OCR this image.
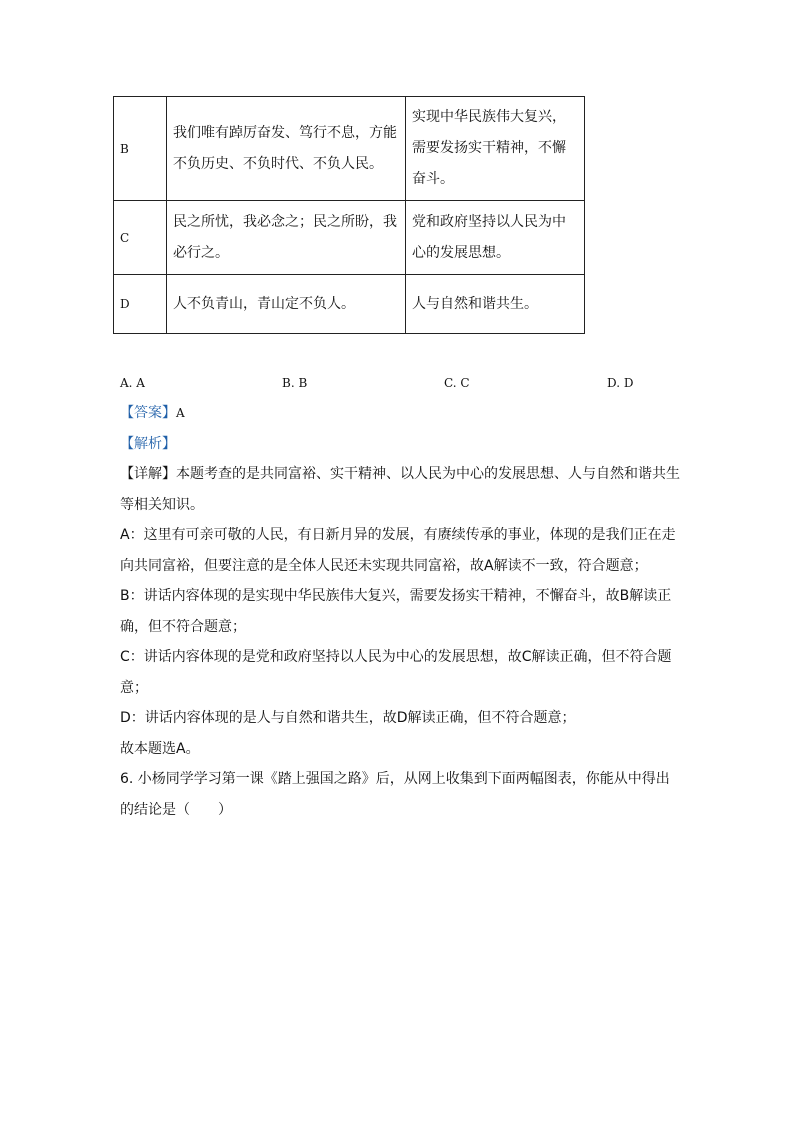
B	我们唯有踔厉奋发、笃行不息，方能不负历史、不负时代、不负人民。	实现中华民族伟大复兴，需要发扬实干精神，不懈奋斗。
C	民之所忧，我必念之；民之所盼，我必行之。	党和政府坚持以人民为中心的发展思想。
D	人不负青山，青山定不负人。	人与自然和谐共生。
A. A	B. B	C. C	D. D

【答案】A

【解析】

【详解】本题考查的是共同富裕、实干精神、以人民为中心的发展思想、人与自然和谐共生等相关知识。

A：这里有可亲可敬的人民，有日新月异的发展，有赓续传承的事业，体现的是我们正在走向共同富裕，但要注意的是全体人民还未实现共同富裕，故A解读不一致，符合题意；

B：讲话内容体现的是实现中华民族伟大复兴，需要发扬实干精神，不懈奋斗，故B解读正确，但不符合题意；

C：讲话内容体现的是党和政府坚持以人民为中心的发展思想，故C解读正确，但不符合题意；

D：讲话内容体现的是人与自然和谐共生，故D解读正确，但不符合题意；

故本题选A。

6. 小杨同学学习第一课《踏上强国之路》后，从网上收集到下面两幅图表，你能从中得出的结论是（　　）
